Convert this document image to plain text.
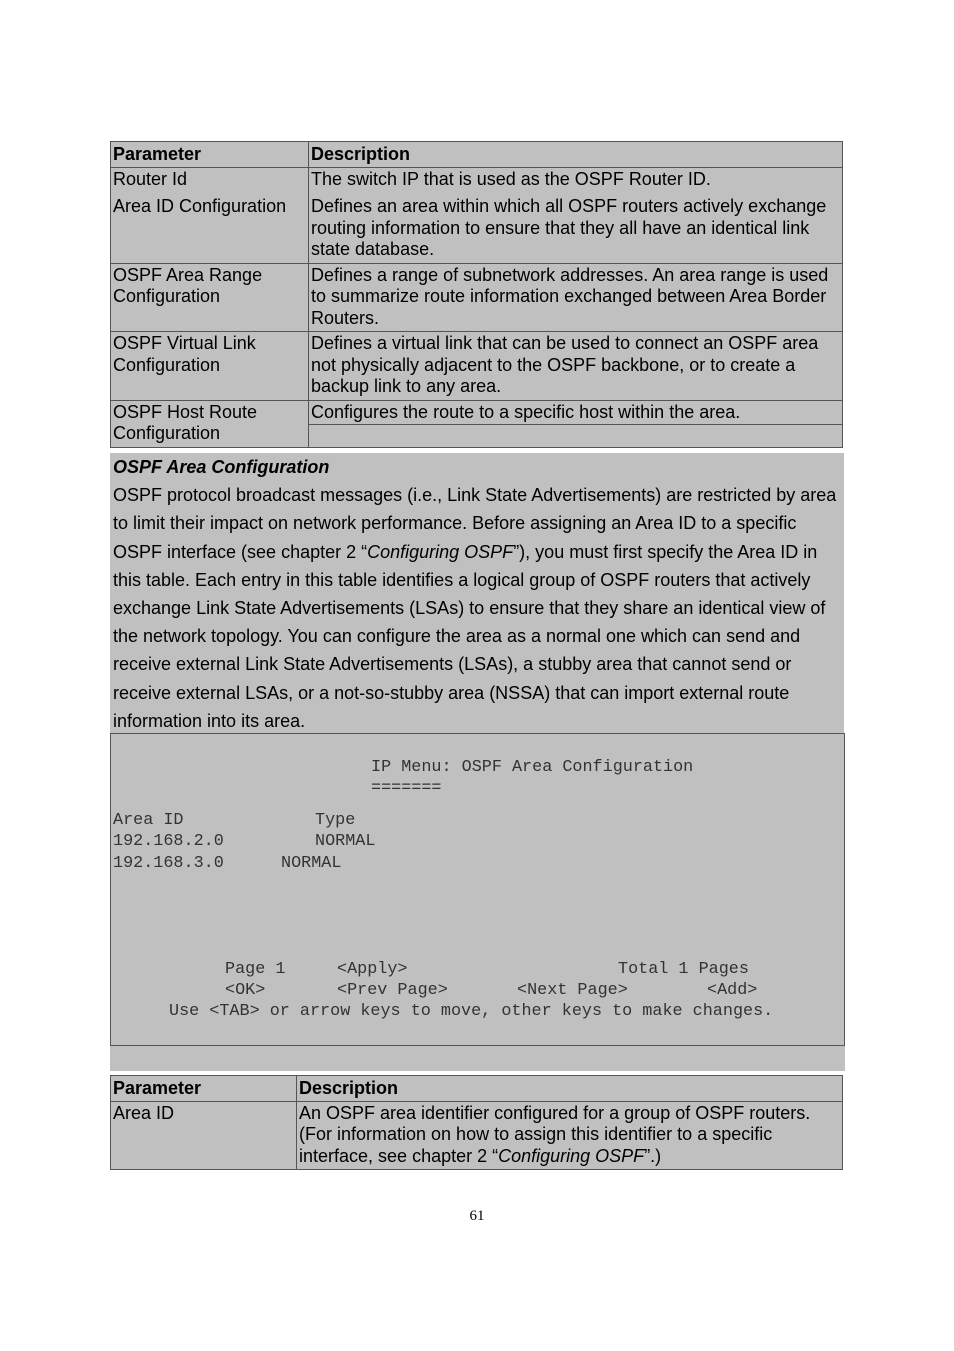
Parameter	Description
Router Id	The switch IP that is used as the OSPF Router ID.
Area ID Configuration	Defines an area within which all OSPF routers actively exchange routing information to ensure that they all have an identical link state database.
OSPF Area Range Configuration	Defines a range of subnetwork addresses. An area range is used to summarize route information exchanged between Area Border Routers.
OSPF Virtual Link Configuration	Defines a virtual link that can be used to connect an OSPF area not physically adjacent to the OSPF backbone, or to create a backup link to any area.
OSPF Host Route Configuration	Configures the route to a specific host within the area.
OSPF Area Configuration
OSPF protocol broadcast messages (i.e., Link State Advertisements) are restricted by area to limit their impact on network performance. Before assigning an Area ID to a specific OSPF interface (see chapter 2 “Configuring OSPF”), you must first specify the Area ID in this table. Each entry in this table identifies a logical group of OSPF routers that actively exchange Link State Advertisements (LSAs) to ensure that they share an identical view of the network topology. You can configure the area as a normal one which can send and receive external Link State Advertisements (LSAs), a stubby area that cannot send or receive external LSAs, or a not-so-stubby area (NSSA) that can import external route information into its area.
IP Menu: OSPF Area Configuration
=======
Area ID	Type
192.168.2.0	NORMAL
192.168.3.0	NORMAL
Page 1	<Apply>	Total 1 Pages
<OK>	<Prev Page>	<Next Page>	<Add>
Use <TAB> or arrow keys to move, other keys to make changes.
Parameter	Description
Area ID	An OSPF area identifier configured for a group of OSPF routers. (For information on how to assign this identifier to a specific interface, see chapter 2 “Configuring OSPF”.)
61
